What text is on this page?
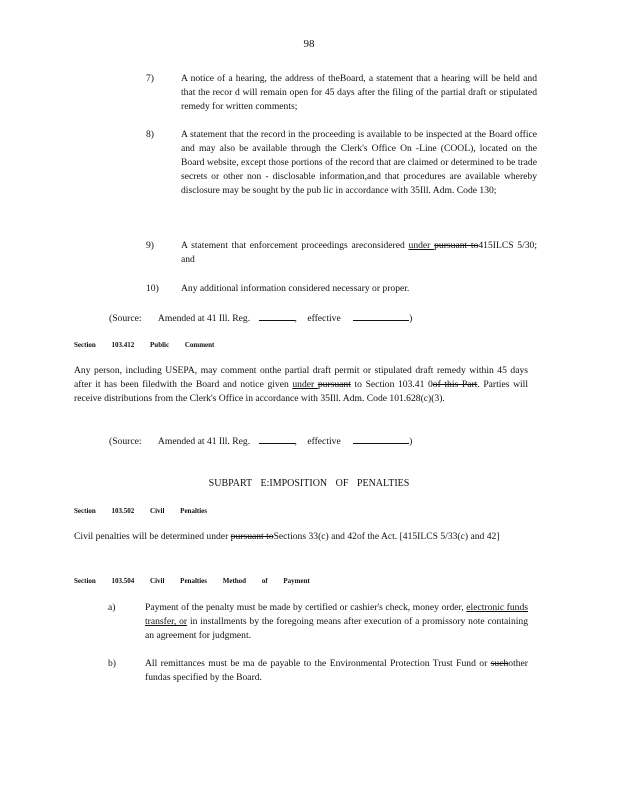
98
7)	A notice of a hearing, the address of theBoard, a statement that a hearing will be held and that the recor d will remain open for 45 days after the filing of the partial draft or stipulated remedy for written comments;
8)	A statement that the record in the proceeding is available to be inspected at the Board office and may also be available through the Clerk's Office On -Line (COOL), located on the Board website, except those portions of the record that are claimed or determined to be trade secrets or other non - disclosable information,and that procedures are available whereby disclosure may be sought by the pub lic in accordance with 35Ill. Adm. Code 130;
9)	A statement that enforcement proceedings areconsidered under pursuant to415ILCS 5/30; and
10)	Any additional information considered necessary or proper.
(Source: Amended at 41 Ill. Reg.	, effective	)
Section 103.412 Public Comment
Any person, including USEPA, may comment onthe partial draft permit or stipulated draft remedy within 45 days after it has been filedwith the Board and notice given under pursuant to Section 103.41 0of this Part. Parties will receive distributions from the Clerk's Office in accordance with 35Ill. Adm. Code 101.628(c)(3).
(Source: Amended at 41 Ill. Reg.	, effective	)
SUBPART E:IMPOSITION OF PENALTIES
Section 103.502 Civil Penalties
Civil penalties will be determined under pursuant toSections 33(c) and 42of the Act. [415ILCS 5/33(c) and 42]
Section 103.504 Civil Penalties Method of Payment
a)	Payment of the penalty must be made by certified or cashier's check, money order, electronic funds transfer, or in installments by the foregoing means after execution of a promissory note containing an agreement for judgment.
b)	All remittances must be ma de payable to the Environmental Protection Trust Fund or suchother fundas specified by the Board.
